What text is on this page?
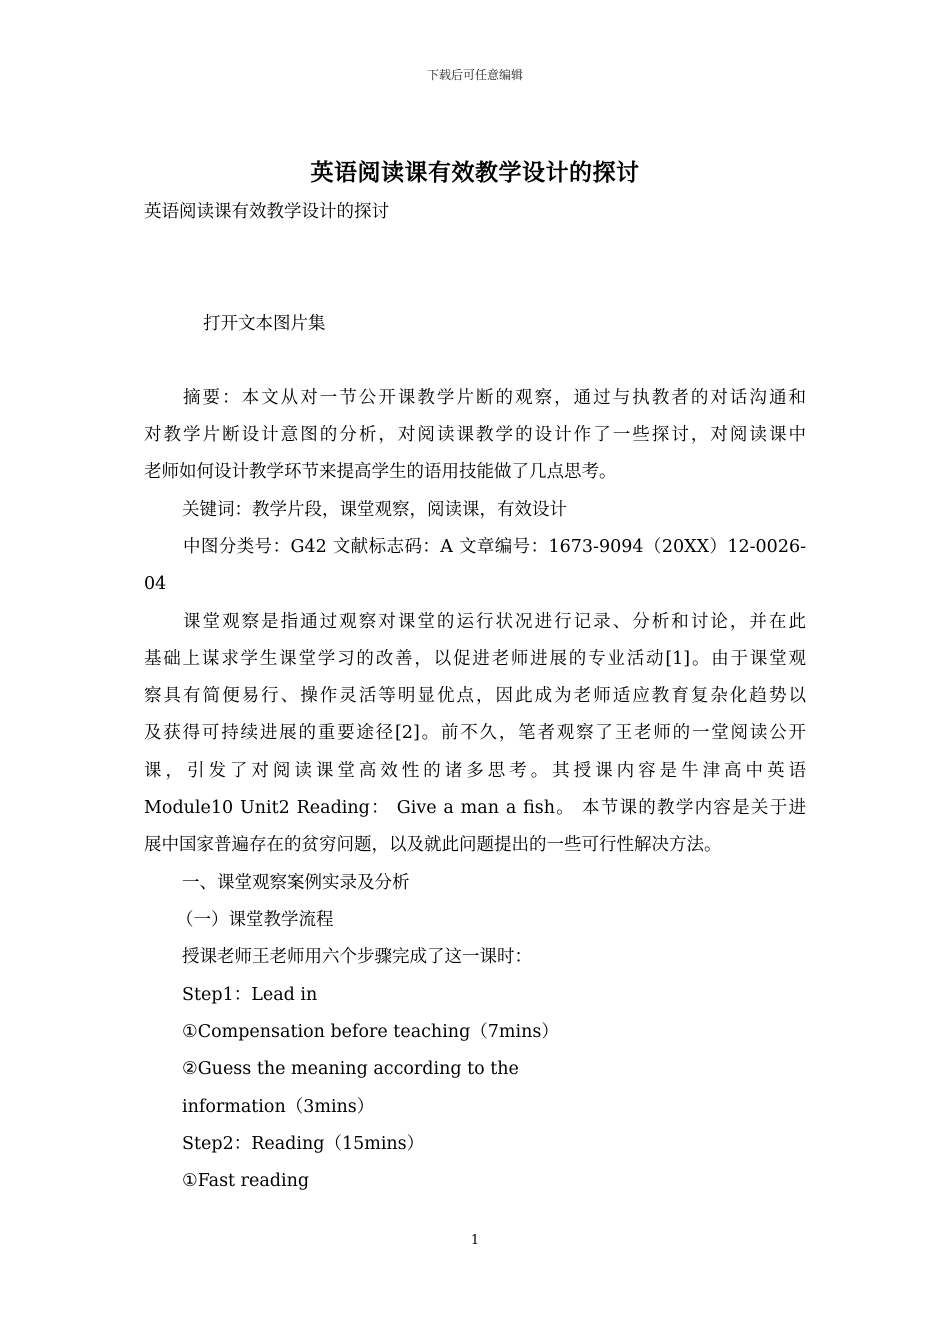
下载后可任意编辑
英语阅读课有效教学设计的探讨
英语阅读课有效教学设计的探讨
打开文本图片集
摘要：本文从对一节公开课教学片断的观察，通过与执教者的对话沟通和
对教学片断设计意图的分析，对阅读课教学的设计作了一些探讨，对阅读课中
老师如何设计教学环节来提高学生的语用技能做了几点思考。
关键词：教学片段，课堂观察，阅读课，有效设计
中图分类号：G42 文献标志码：A 文章编号：1673-9094（20XX）12-0026-
04
课堂观察是指通过观察对课堂的运行状况进行记录、分析和讨论，并在此
基础上谋求学生课堂学习的改善，以促进老师进展的专业活动[1]。由于课堂观
察具有简便易行、操作灵活等明显优点，因此成为老师适应教育复杂化趋势以
及获得可持续进展的重要途径[2]。前不久，笔者观察了王老师的一堂阅读公开
课，引发了对阅读课堂高效性的诸多思考。其授课内容是牛津高中英语
Module10 Unit2 Reading： Give a man a fish。 本节课的教学内容是关于进
展中国家普遍存在的贫穷问题，以及就此问题提出的一些可行性解决方法。
一、课堂观察案例实录及分析
（一）课堂教学流程
授课老师王老师用六个步骤完成了这一课时：
Step1：Lead in
①Compensation before teaching（7mins）
②Guess the meaning according to the
information（3mins）
Step2：Reading（15mins）
①Fast reading
1
